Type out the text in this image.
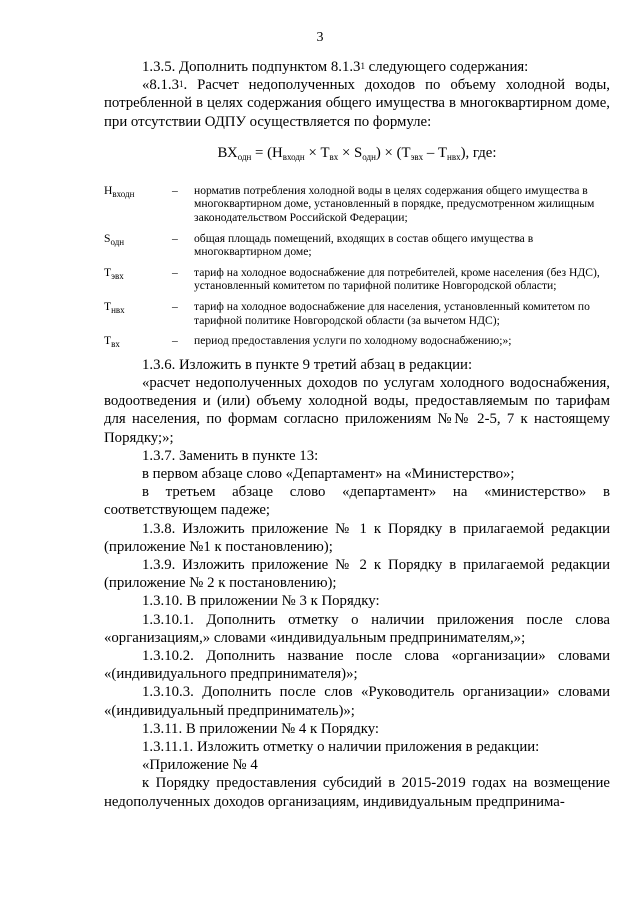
3

1.3.5. Дополнить подпунктом 8.1.3$^1$ следующего содержания:

«8.1.3$^1$. Расчет недополученных доходов по объему холодной воды, потребленной в целях содержания общего имущества в многоквартирном доме, при отсутствии ОДПУ осуществляется по формуле:

$ВХ_{одн} = (Н_{входн} \times Т_{вх} \times S_{одн}) \times (Т_{эвх} - Т_{нвх})$, где:
$Н_{входн}$	–	норматив потребления холодной воды в целях содержания общего имущества в многоквартирном доме, установленный в порядке, предусмотренном жилищным законодательством Российской Федерации;
$S_{одн}$	–	общая площадь помещений, входящих в состав общего имущества в многоквартирном доме;
$Т_{эвх}$	–	тариф на холодное водоснабжение для потребителей, кроме населения (без НДС), установленный комитетом по тарифной политике Новгородской области;
$Т_{нвх}$	–	тариф на холодное водоснабжение для населения, установленный комитетом по тарифной политике Новгородской области (за вычетом НДС);
$Т_{вх}$	–	период предоставления услуги по холодному водоснабжению;»;

1.3.6. Изложить в пункте 9 третий абзац в редакции:

«расчет недополученных доходов по услугам холодного водоснабжения, водоотведения и (или) объему холодной воды, предоставляемым по тарифам для населения, по формам согласно приложениям №№ 2-5, 7 к настоящему Порядку;»;

1.3.7. Заменить в пункте 13:

в первом абзаце слово «Департамент» на «Министерство»;

в третьем абзаце слово «департамент» на «министерство» в соответствующем падеже;

1.3.8. Изложить приложение № 1 к Порядку в прилагаемой редакции (приложение №1 к постановлению);

1.3.9. Изложить приложение № 2 к Порядку в прилагаемой редакции (приложение № 2 к постановлению);

1.3.10. В приложении № 3 к Порядку:

1.3.10.1. Дополнить отметку о наличии приложения после слова «организациям,» словами «индивидуальным предпринимателям,»;

1.3.10.2. Дополнить название после слова «организации» словами «(индивидуального предпринимателя)»;

1.3.10.3. Дополнить после слов «Руководитель организации» словами «(индивидуальный предприниматель)»;

1.3.11. В приложении № 4 к Порядку:

1.3.11.1. Изложить отметку о наличии приложения в редакции:

«Приложение № 4

к Порядку предоставления субсидий в 2015-2019 годах на возмещение недополученных доходов организациям, индивидуальным предпринима-
